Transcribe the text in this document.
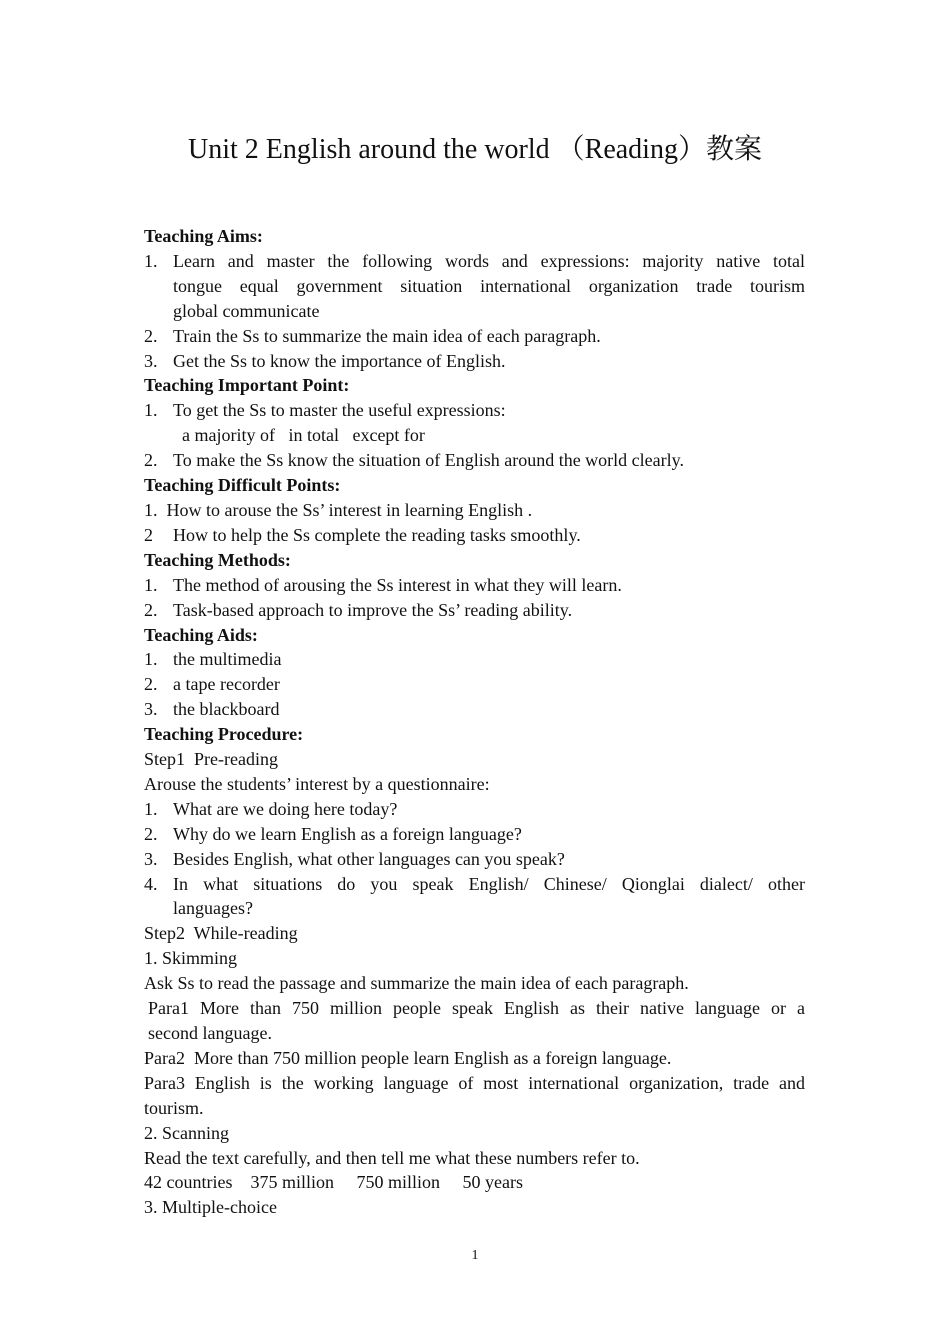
Unit 2 English around the world （Reading）教案
Teaching Aims:
1. Learn and master the following words and expressions: majority native total
tongue equal government situation international organization trade tourism
global communicate
2. Train the Ss to summarize the main idea of each paragraph.
3. Get the Ss to know the importance of English.
Teaching Important Point:
1. To get the Ss to master the useful expressions:
a majority of   in total   except for
2. To make the Ss know the situation of English around the world clearly.
Teaching Difficult Points:
1.  How to arouse the Ss’ interest in learning English .
2	How to help the Ss complete the reading tasks smoothly.
Teaching Methods:
1. The method of arousing the Ss interest in what they will learn.
2. Task-based approach to improve the Ss’ reading ability.
Teaching Aids:
1. the multimedia
2. a tape recorder
3. the blackboard
Teaching Procedure:
Step1  Pre-reading
Arouse the students’ interest by a questionnaire:
1. What are we doing here today?
2. Why do we learn English as a foreign language?
3. Besides English, what other languages can you speak?
4. In what situations do you speak English/ Chinese/ Qionglai dialect/ other
languages?
Step2  While-reading
1. Skimming
Ask Ss to read the passage and summarize the main idea of each paragraph.
Para1 More than 750 million people speak English as their native language or a
second language.
Para2  More than 750 million people learn English as a foreign language.
Para3 English is the working language of most international organization, trade and
tourism.
2. Scanning
Read the text carefully, and then tell me what these numbers refer to.
42 countries    375 million     750 million     50 years
3. Multiple-choice
1
